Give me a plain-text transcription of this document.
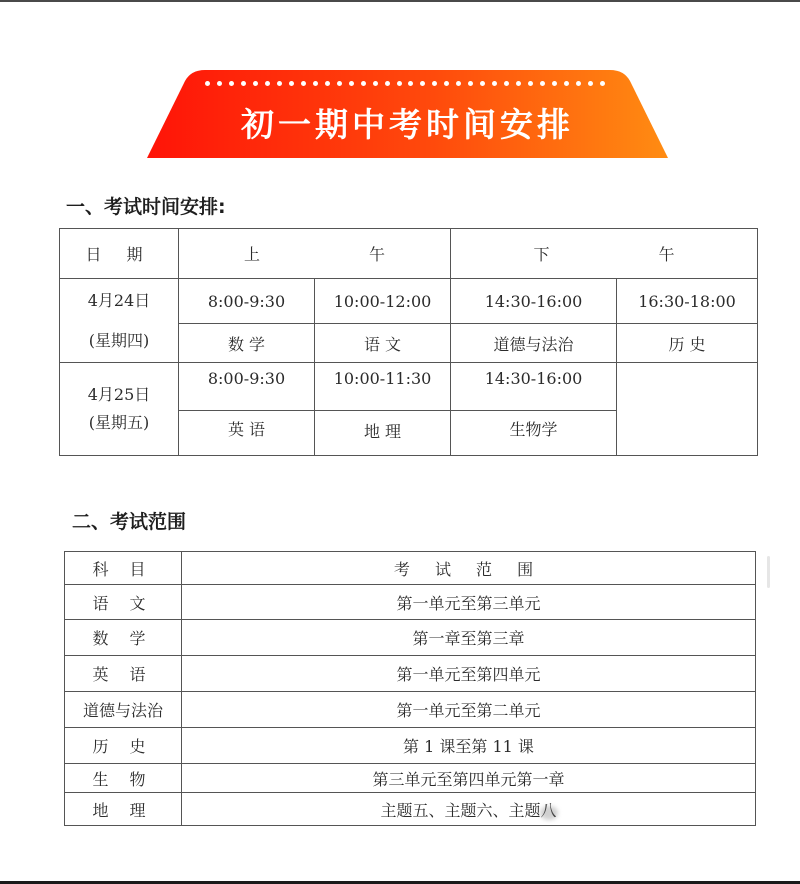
初一期中考时间安排
一、考试时间安排:
日 期	上 午		下 午	

4月24日
(星期四)	8:00-9:30	10:00-12:00	14:30-16:00	16:30-18:00
	数 学	语 文	道德与法治	历 史

4月25日
(星期五)	8:00-9:30	10:00-11:30	14:30-16:00	
	英 语	地 理	生物学	
二、考试范围
科 目	考 试 范 围
语 文	第一单元至第三单元
数 学	第一章至第三章
英 语	第一单元至第四单元
道德与法治	第一单元至第二单元
历 史	第 1 课至第 11 课
生 物	第三单元至第四单元第一章
地 理	主题五、主题六、主题八
